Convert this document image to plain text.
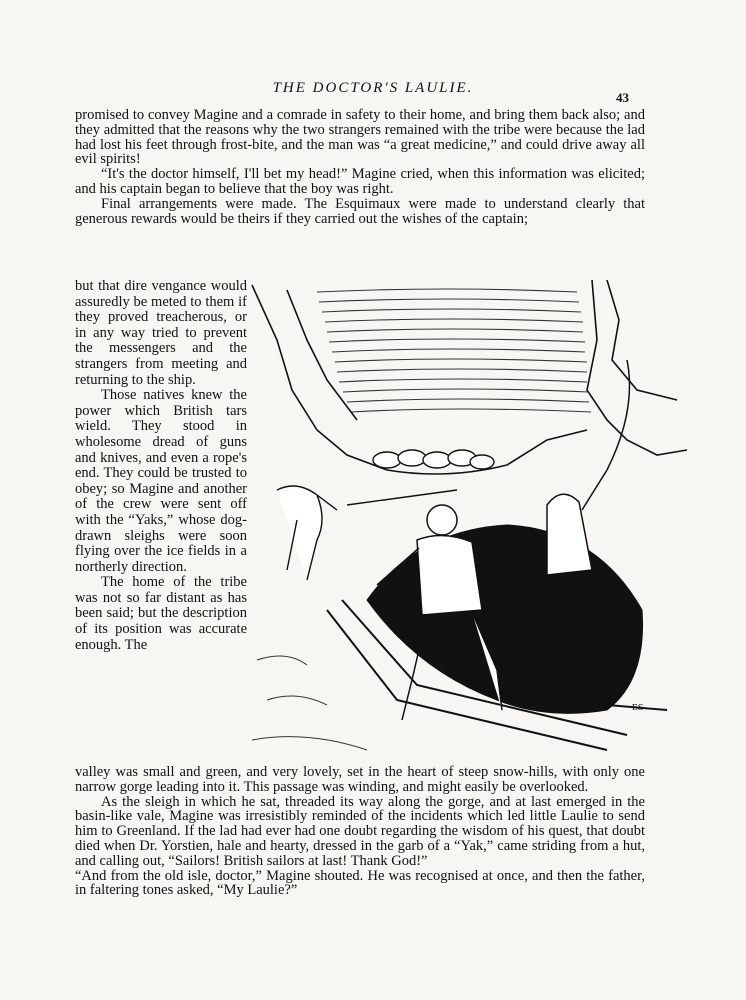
THE DOCTOR'S LAULIE.
43

promised to convey Magine and a comrade in safety to their home, and bring them back also; and they admitted that the reasons why the two strangers remained with the tribe were because the lad had lost his feet through frost-bite, and the man was “a great medicine,” and could drive away all evil spirits!

“It's the doctor himself, I'll bet my head!” Magine cried, when this information was elicited; and his captain began to believe that the boy was right.

Final arrangements were made. The Esquimaux were made to understand clearly that generous rewards would be theirs if they carried out the wishes of the captain;

but that dire vengance would assuredly be meted to them if they proved treacherous, or in any way tried to prevent the messengers and the strangers from meeting and returning to the ship.

Those natives knew the power which British tars wield. They stood in wholesome dread of guns and knives, and even a rope's end. They could be trusted to obey; so Magine and another of the crew were sent off with the “Yaks,” whose dog-drawn sleighs were soon flying over the ice fields in a northerly direction.

The home of the tribe was not so far distant as has been said; but the description of its position was accurate enough. The

ES

valley was small and green, and very lovely, set in the heart of steep snow-hills, with only one narrow gorge leading into it. This passage was winding, and might easily be overlooked.

As the sleigh in which he sat, threaded its way along the gorge, and at last emerged in the basin-like vale, Magine was irresistibly reminded of the incidents which led little Laulie to send him to Greenland. If the lad had ever had one doubt regarding the wisdom of his quest, that doubt died when Dr. Yorstien, hale and hearty, dressed in the garb of a “Yak,” came striding from a hut, and calling out, “Sailors! British sailors at last! Thank God!”

“And from the old isle, doctor,” Magine shouted. He was recognised at once, and then the father, in faltering tones asked, “My Laulie?”
